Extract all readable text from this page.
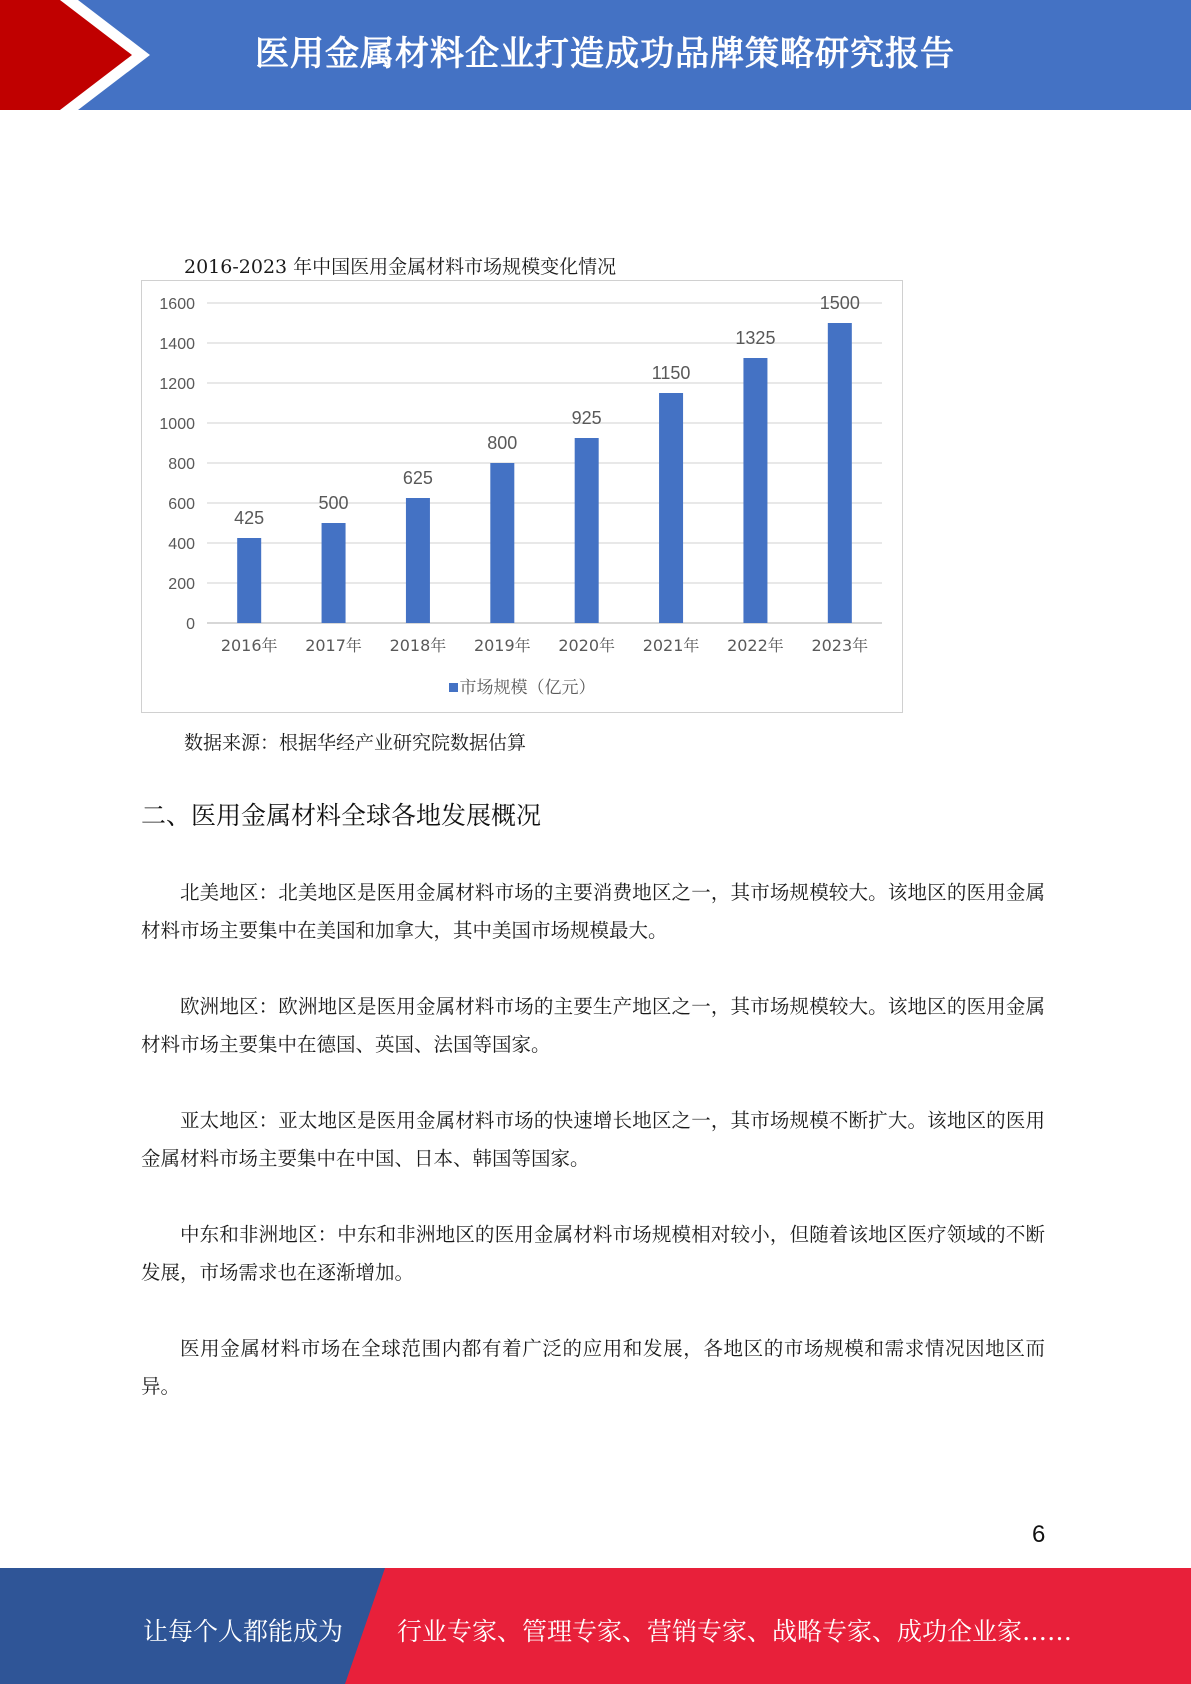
医用金属材料企业打造成功品牌策略研究报告
2016-2023 年中国医用金属材料市场规模变化情况
0
200
400
600
800
1000
1200
1400
1600
425
2016年
500
2017年
625
2018年
800
2019年
925
2020年
1150
2021年
1325
2022年
1500
2023年
市场规模（亿元）
数据来源：根据华经产业研究院数据估算
二、医用金属材料全球各地发展概况

北美地区：北美地区是医用金属材料市场的主要消费地区之一，其市场规模较大。该地区的医用金属材料市场主要集中在美国和加拿大，其中美国市场规模最大。

欧洲地区：欧洲地区是医用金属材料市场的主要生产地区之一，其市场规模较大。该地区的医用金属材料市场主要集中在德国、英国、法国等国家。

亚太地区：亚太地区是医用金属材料市场的快速增长地区之一，其市场规模不断扩大。该地区的医用金属材料市场主要集中在中国、日本、韩国等国家。

中东和非洲地区：中东和非洲地区的医用金属材料市场规模相对较小，但随着该地区医疗领域的不断发展，市场需求也在逐渐增加。

医用金属材料市场在全球范围内都有着广泛的应用和发展，各地区的市场规模和需求情况因地区而异。

6
让每个人都能成为 行业专家、管理专家、营销专家、战略专家、成功企业家……
